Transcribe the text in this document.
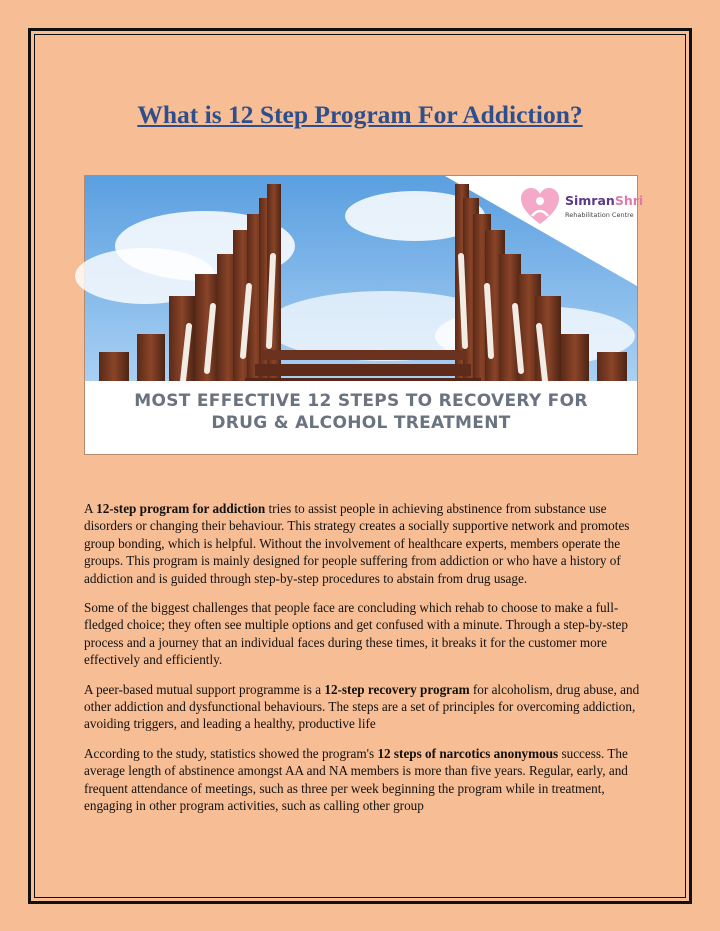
What is 12 Step Program For Addiction?
SimranShri
Rehabilitation Centre
MOST EFFECTIVE 12 STEPS TO RECOVERY FOR
DRUG & ALCOHOL TREATMENT

A 12-step program for addiction tries to assist people in achieving abstinence from substance use disorders or changing their behaviour. This strategy creates a socially supportive network and promotes group bonding, which is helpful. Without the involvement of healthcare experts, members operate the groups. This program is mainly designed for people suffering from addiction or who have a history of addiction and is guided through step-by-step procedures to abstain from drug usage.

Some of the biggest challenges that people face are concluding which rehab to choose to make a full-fledged choice; they often see multiple options and get confused with a minute. Through a step-by-step process and a journey that an individual faces during these times, it breaks it for the customer more effectively and efficiently.

A peer-based mutual support programme is a 12-step recovery program for alcoholism, drug abuse, and other addiction and dysfunctional behaviours. The steps are a set of principles for overcoming addiction, avoiding triggers, and leading a healthy, productive life

According to the study, statistics showed the program's 12 steps of narcotics anonymous success. The average length of abstinence amongst AA and NA members is more than five years. Regular, early, and frequent attendance of meetings, such as three per week beginning the program while in treatment, engaging in other program activities, such as calling other group
